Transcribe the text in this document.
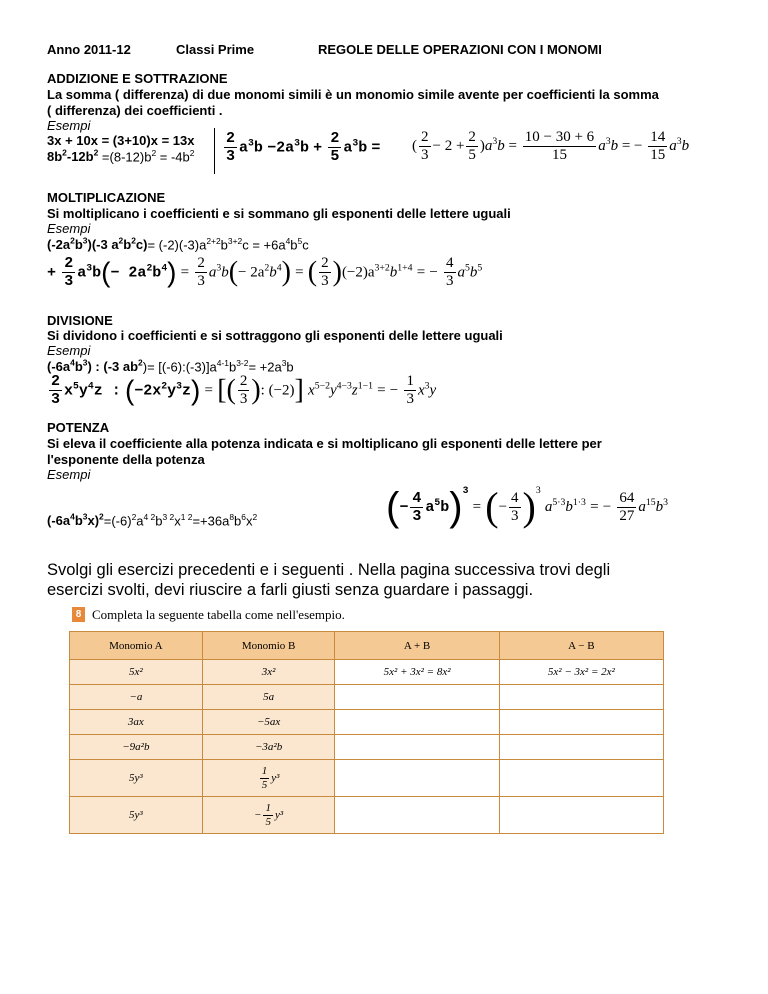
Anno 2011-12	Classi Prime	REGOLE DELLE OPERAZIONI CON I MONOMI
ADDIZIONE E SOTTRAZIONE
La somma ( differenza) di due monomi simili è un monomio simile avente per coefficienti la somma
( differenza) dei coefficienti .
Esempi
3x + 10x = (3+10)x = 13x
$8b^2-12b^2 =(8-12)b^2 = -4b^2 \frac{2}{3} a^3b -2a^3b + \frac{2}{5} a^3b$ = ( $\frac{2}{3} - 2 + \frac{2}{5} )a^3b = \frac{10 - 30 + 6}{15} a^3b$ = − $\frac{14}{15} a^3b$
MOLTIPLICAZIONE
Si moltiplicano i coefficienti e si sommano gli esponenti delle lettere uguali
Esempi
$(-2a^2b^3)(-3$ $a^2b^2c)= (-2)(-3)a^{2+2}b^{3+2}c = +6a^4b^5c$
+ $\frac{2}{3} a^3b(- 2a^2b^4) = \frac{2}{3} a^3b(- 2a^2b^4)$ = ( $\frac{2}{3} )(-2)a^{3+2}b^{1+4}$ = − $\frac{4}{3} a^5b^5$
DIVISIONE
Si dividono i coefficienti e si sottraggono gli esponenti delle lettere uguali
Esempi
$(-6a^4b^3)$ : (-3 $ab^2)=$ $[(-6):(-3)]a^{4-1}b^{3-2}= +2a^3b$
$\frac{2}{3} x^5y^4z$ : $(-2x^2y^3z)$ = [( $\frac{2}{3}$ ): (−2)] $x^{5-2}y^{4-3}z^{1-1}$ = − $\frac{1}{3} x^3y$
POTENZA
Si eleva il coefficiente alla potenza indicata e si moltiplicano gli esponenti delle lettere per
l'esponente della potenza
Esempi
$(-6a^4b^3x)^2=(-6)^2a^{4 2}b^{3 2}x^{1 2}=+36a^8b^6x^2$	(− $\frac{4}{3} a^5b)^3$ = (− $\frac{4}{3} )^3$ $a^{5\cdot 3}b^{1\cdot 3}$ = − $\frac{64}{27} a^{15}b^3$
Svolgi gli esercizi precedenti e i seguenti . Nella pagina successiva trovi degli
esercizi svolti, devi riuscire a farli giusti senza guardare i passaggi.
8 Completa la seguente tabella come nell'esempio.
Monomio A	Monomio B	A + B	A − B
5x²	3x²	5x² + 3x² = 8x²	5x² − 3x² = 2x²
−a	5a		
3ax	−5ax		
−9a²b	−3a²b		
5y³	$\frac{1}{5} y^3$		
5y³	− $\frac{1}{5} y^3$		
